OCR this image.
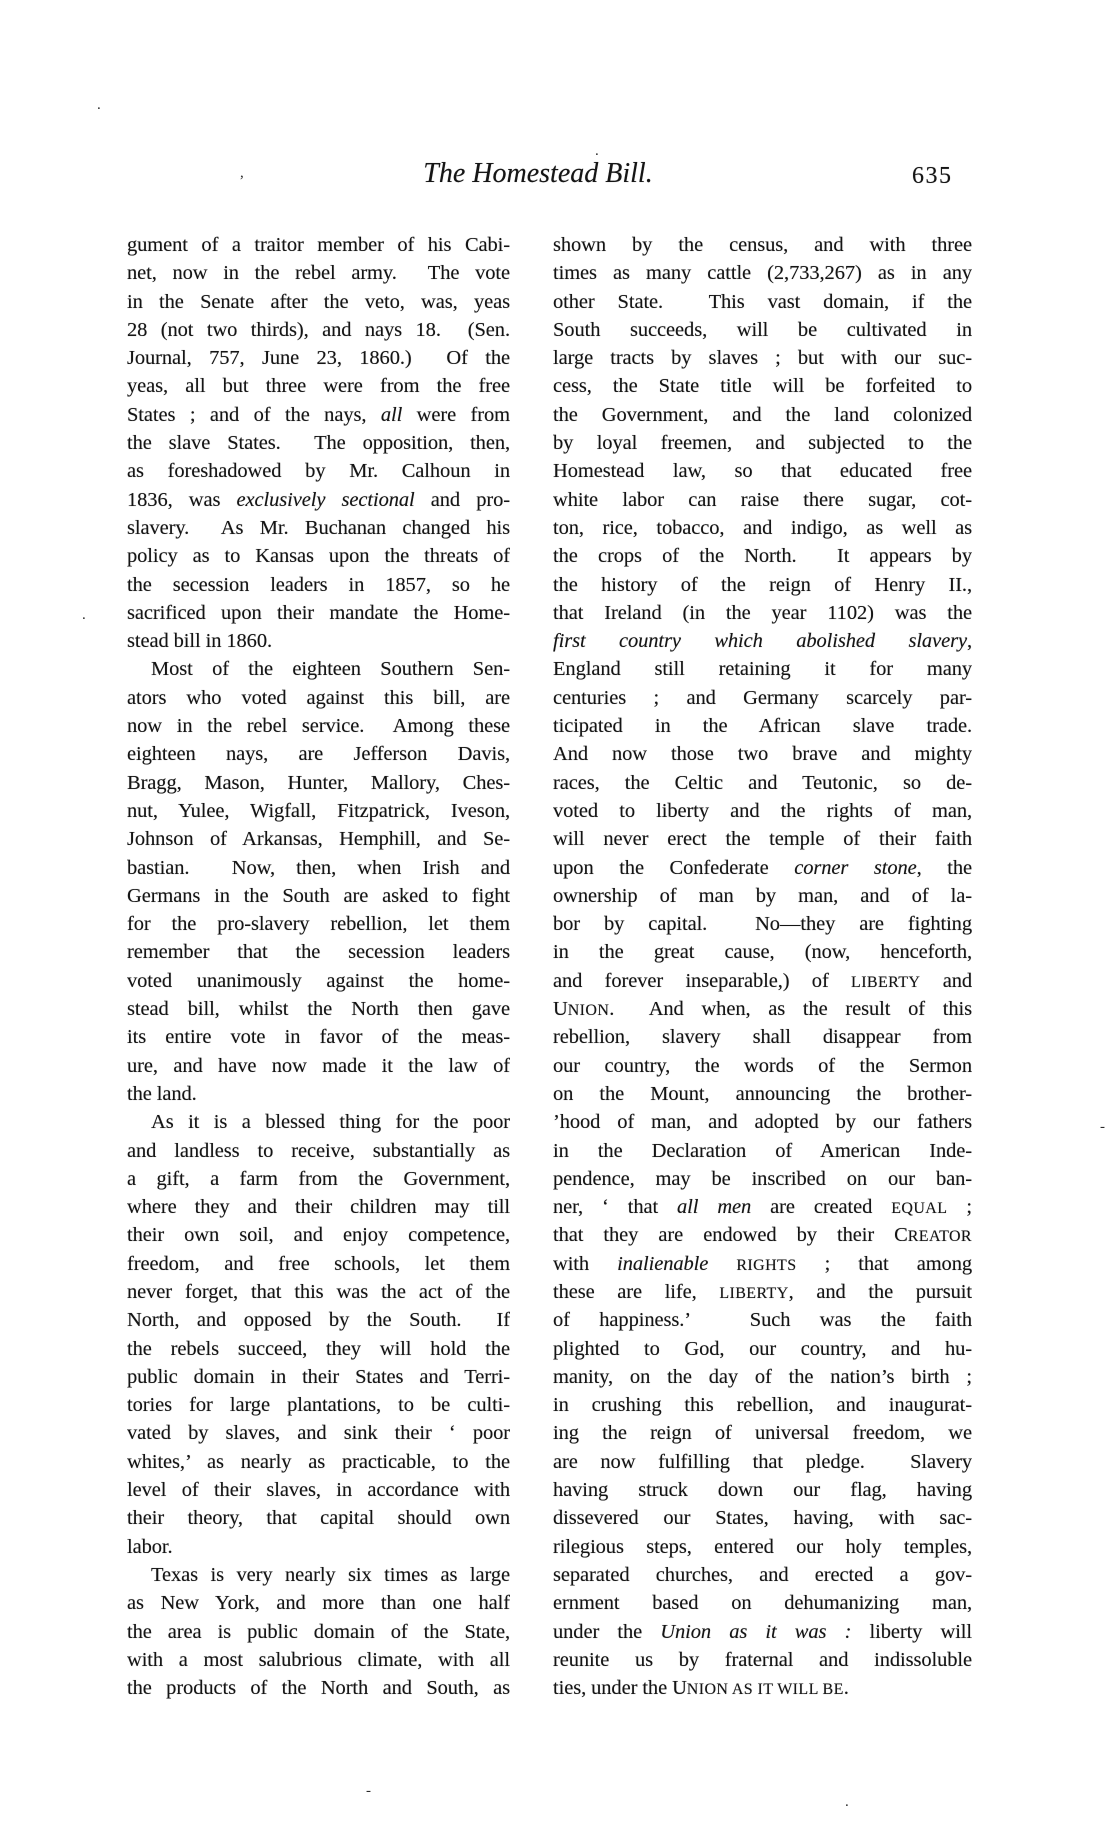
The Homestead Bill.	635
gument of a traitor member of his Cabi-
net, now in the rebel army.  The vote
in the Senate after the veto, was, yeas
28 (not two thirds), and nays 18.  (Sen.
Journal, 757, June 23, 1860.)  Of the
yeas, all but three were from the free
States ; and of the nays, all were from
the slave States.  The opposition, then,
as foreshadowed by Mr. Calhoun in
1836, was exclusively sectional and pro-
slavery.  As Mr. Buchanan changed his
policy as to Kansas upon the threats of
the secession leaders in 1857, so he
sacrificed upon their mandate the Home-
stead bill in 1860.
Most of the eighteen Southern Sen-
ators who voted against this bill, are
now in the rebel service.  Among these
eighteen nays, are Jefferson Davis,
Bragg, Mason, Hunter, Mallory, Ches-
nut, Yulee, Wigfall, Fitzpatrick, Iveson,
Johnson of Arkansas, Hemphill, and Se-
bastian.  Now, then, when Irish and
Germans in the South are asked to fight
for the pro-slavery rebellion, let them
remember that the secession leaders
voted unanimously against the home-
stead bill, whilst the North then gave
its entire vote in favor of the meas-
ure, and have now made it the law of
the land.
As it is a blessed thing for the poor
and landless to receive, substantially as
a gift, a farm from the Government,
where they and their children may till
their own soil, and enjoy competence,
freedom, and free schools, let them
never forget, that this was the act of the
North, and opposed by the South.  If
the rebels succeed, they will hold the
public domain in their States and Terri-
tories for large plantations, to be culti-
vated by slaves, and sink their ‘ poor
whites,’ as nearly as practicable, to the
level of their slaves, in accordance with
their theory, that capital should own
labor.
Texas is very nearly six times as large
as New York, and more than one half
the area is public domain of the State,
with a most salubrious climate, with all
the products of the North and South, as
shown by the census, and with three
times as many cattle (2,733,267) as in any
other State.  This vast domain, if the
South succeeds, will be cultivated in
large tracts by slaves ; but with our suc-
cess, the State title will be forfeited to
the Government, and the land colonized
by loyal freemen, and subjected to the
Homestead law, so that educated free
white labor can raise there sugar, cot-
ton, rice, tobacco, and indigo, as well as
the crops of the North.  It appears by
the history of the reign of Henry II.,
that Ireland (in the year 1102) was the
first country which abolished slavery,
England still retaining it for many
centuries ; and Germany scarcely par-
ticipated in the African slave trade.
And now those two brave and mighty
races, the Celtic and Teutonic, so de-
voted to liberty and the rights of man,
will never erect the temple of their faith
upon the Confederate corner stone, the
ownership of man by man, and of la-
bor by capital.  No—they are fighting
in the great cause, (now, henceforth,
and forever inseparable,) of LIBERTY and
UNION.  And when, as the result of this
rebellion, slavery shall disappear from
our country, the words of the Sermon
on the Mount, announcing the brother-
’hood of man, and adopted by our fathers
in the Declaration of American Inde-
pendence, may be inscribed on our ban-
ner, ‘ that all men are created EQUAL ;
that they are endowed by their CREATOR
with inalienable RIGHTS ; that among
these are life, LIBERTY, and the pursuit
of happiness.’  Such was the faith
plighted to God, our country, and hu-
manity, on the day of the nation’s birth ;
in crushing this rebellion, and inaugurat-
ing the reign of universal freedom, we
are now fulfilling that pledge.  Slavery
having struck down our flag, having
dissevered our States, having, with sac-
rilegious steps, entered our holy temples,
separated churches, and erected a gov-
ernment based on dehumanizing man,
under the Union as it was : liberty will
reunite us by fraternal and indissoluble
ties, under the UNION AS IT WILL BE.
.
,
.
.
-
-
.
